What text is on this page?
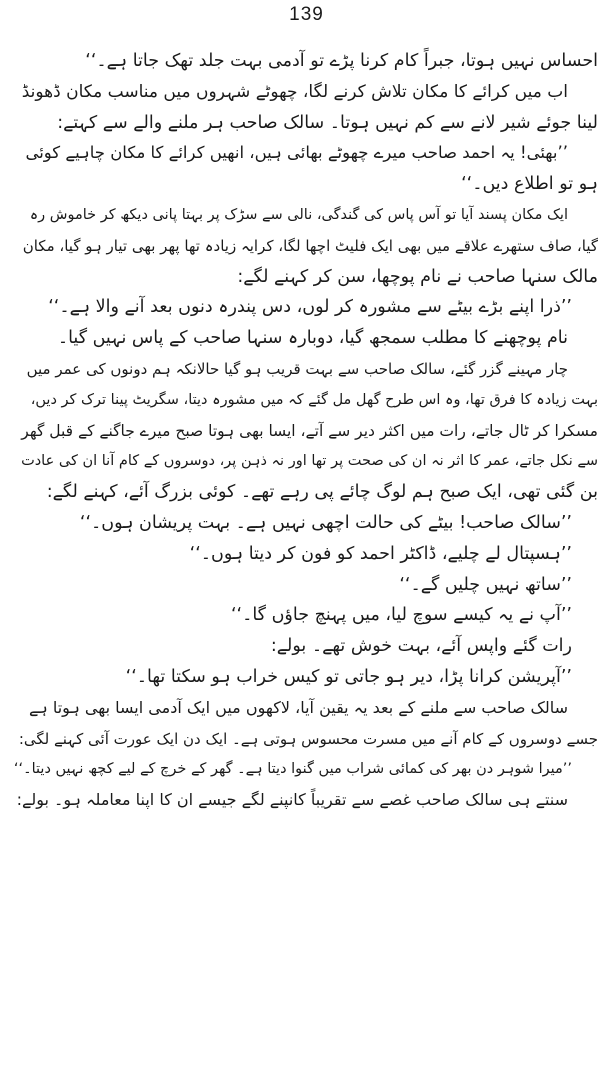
139
احساس نہیں ہوتا، جبراً کام کرنا پڑے تو آدمی بہت جلد تھک جاتا ہے۔‘‘
اب میں کرائے کا مکان تلاش کرنے لگا، چھوٹے شہروں میں مناسب مکان ڈھونڈ
لینا جوئے شیر لانے سے کم نہیں ہوتا۔ سالک صاحب ہر ملنے والے سے کہتے:
’’بھئی! یہ احمد صاحب میرے چھوٹے بھائی ہیں، انھیں کرائے کا مکان چاہیے کوئی
ہو تو اطلاع دیں۔‘‘
ایک مکان پسند آیا تو آس پاس کی گندگی، نالی سے سڑک پر بہتا پانی دیکھ کر خاموش رہ
گیا، صاف ستھرے علاقے میں بھی ایک فلیٹ اچھا لگا، کرایہ زیادہ تھا پھر بھی تیار ہو گیا، مکان
مالک سنہا صاحب نے نام پوچھا، سن کر کہنے لگے:
’’ذرا اپنے بڑے بیٹے سے مشورہ کر لوں، دس پندرہ دنوں بعد آنے والا ہے۔‘‘
نام پوچھنے کا مطلب سمجھ گیا، دوبارہ سنہا صاحب کے پاس نہیں گیا۔
چار مہینے گزر گئے، سالک صاحب سے بہت قریب ہو گیا حالانکہ ہم دونوں کی عمر میں
بہت زیادہ کا فرق تھا، وہ اس طرح گھل مل گئے کہ میں مشورہ دیتا، سگریٹ پینا ترک کر دیں،
مسکرا کر ٹال جاتے، رات میں اکثر دیر سے آتے، ایسا بھی ہوتا صبح میرے جاگنے کے قبل گھر
سے نکل جاتے، عمر کا اثر نہ ان کی صحت پر تھا اور نہ ذہن پر، دوسروں کے کام آنا ان کی عادت
بن گئی تھی، ایک صبح ہم لوگ چائے پی رہے تھے۔ کوئی بزرگ آئے، کہنے لگے:
’’سالک صاحب! بیٹے کی حالت اچھی نہیں ہے۔ بہت پریشان ہوں۔‘‘
’’ہسپتال لے چلیے، ڈاکٹر احمد کو فون کر دیتا ہوں۔‘‘
’’ساتھ نہیں چلیں گے۔‘‘
’’آپ نے یہ کیسے سوچ لیا، میں پہنچ جاؤں گا۔‘‘
رات گئے واپس آئے، بہت خوش تھے۔ بولے:
’’آپریشن کرانا پڑا، دیر ہو جاتی تو کیس خراب ہو سکتا تھا۔‘‘
سالک صاحب سے ملنے کے بعد یہ یقین آیا، لاکھوں میں ایک آدمی ایسا بھی ہوتا ہے
جسے دوسروں کے کام آنے میں مسرت محسوس ہوتی ہے۔ ایک دن ایک عورت آئی کہنے لگی:
’’میرا شوہر دن بھر کی کمائی شراب میں گنوا دیتا ہے۔ گھر کے خرچ کے لیے کچھ نہیں دیتا۔‘‘
سنتے ہی سالک صاحب غصے سے تقریباً کانپنے لگے جیسے ان کا اپنا معاملہ ہو۔ بولے:
